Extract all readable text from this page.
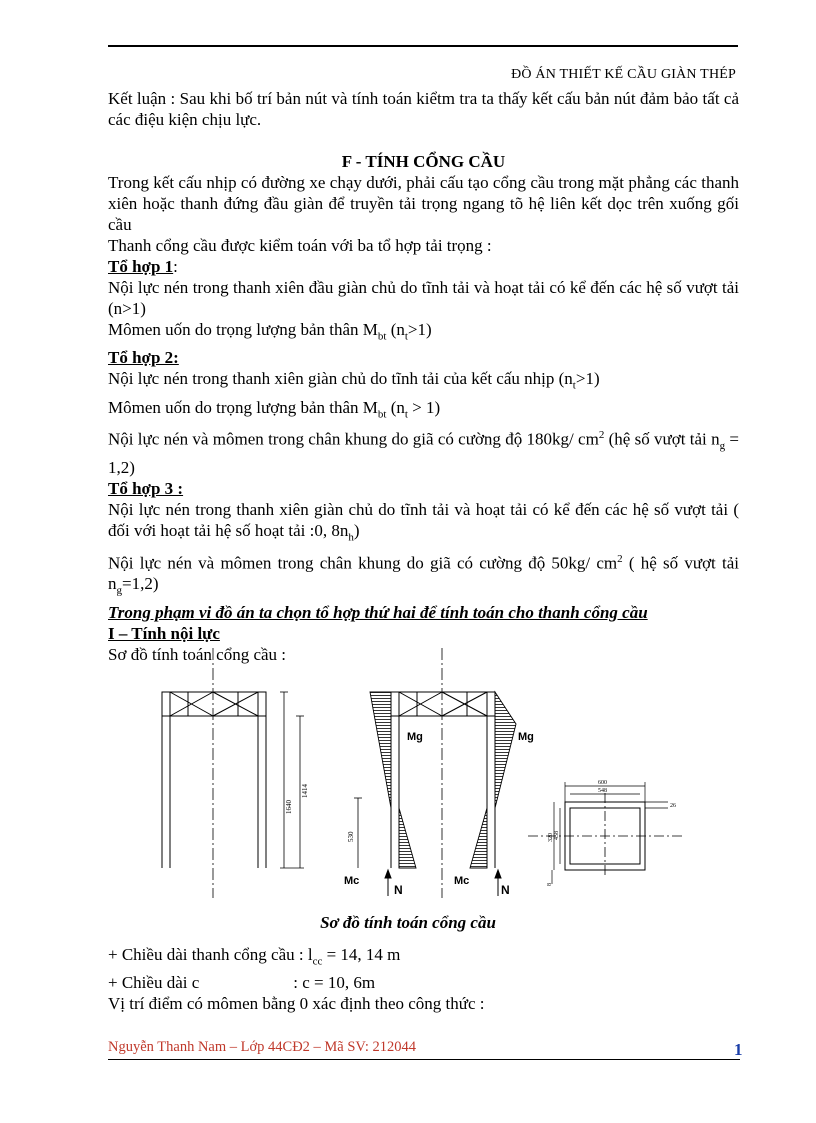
ĐỒ ÁN THIẾT KẾ CẦU GIÀN THÉP

Kết luận : Sau khi bố trí bản nút và tính toán kiểtm tra ta thấy kết cấu bản nút đảm bảo tất cả các điệu kiện chịu lực.

F - TÍNH CỔNG CẦU

Trong kết cấu nhịp có đường xe chạy dưới, phải cấu tạo cổng cầu trong mặt phẳng các thanh xiên hoặc thanh đứng đầu giàn để truyền tải trọng ngang tõ hệ liên kết dọc trên xuống gối cầu

Thanh cổng cầu được kiểm toán với ba tổ hợp tải trọng :

Tổ hợp 1:

Nội lực nén trong thanh xiên đầu giàn chủ do tĩnh tải và hoạt tải có kể đến các hệ số vượt tải (n>1)

Mômen uốn do trọng lượng bản thân $M_{bt}$ $(n_t>1)$

Tổ hợp 2:

Nội lực nén trong thanh xiên giàn chủ do tĩnh tải của kết cấu nhịp $(n_t>1)$

Mômen uốn do trọng lượng bản thân $M_{bt}$ $(n_t > 1)$

Nội lực nén và mômen trong chân khung do giã có cường độ 180kg/ $cm^2$ (hệ số vượt tải $n_g = 1,2$)

Tổ hợp 3 :

Nội lực nén trong thanh xiên giàn chủ do tĩnh tải và hoạt tải có kể đến các hệ số vượt tải ( đối với hoạt tải hệ số hoạt tải :0, $8n_h$)

Nội lực nén và mômen trong chân khung do giã có cường độ 50kg/ $cm^2$ ( hệ số vượt tải $n_g=1,2$)

Trong phạm vi đồ án ta chọn tổ hợp thứ hai để tính toán cho thanh cổng cầu

I – Tính nội lực

Sơ đồ tính toán cổng cầu :

1640
1414
Mg	Mg
Mc	Mc
530
N	N
600
548
26
320 458
8
Sơ đồ tính toán cổng cầu

+ Chiều dài thanh cổng cầu : $l_{cc} = 14$, 14 m

+ Chiều dài c	: c = 10, 6m

Vị trí điểm có mômen bằng 0 xác định theo công thức :

Nguyễn Thanh Nam – Lớp 44CĐ2 – Mã SV: 212044	1
